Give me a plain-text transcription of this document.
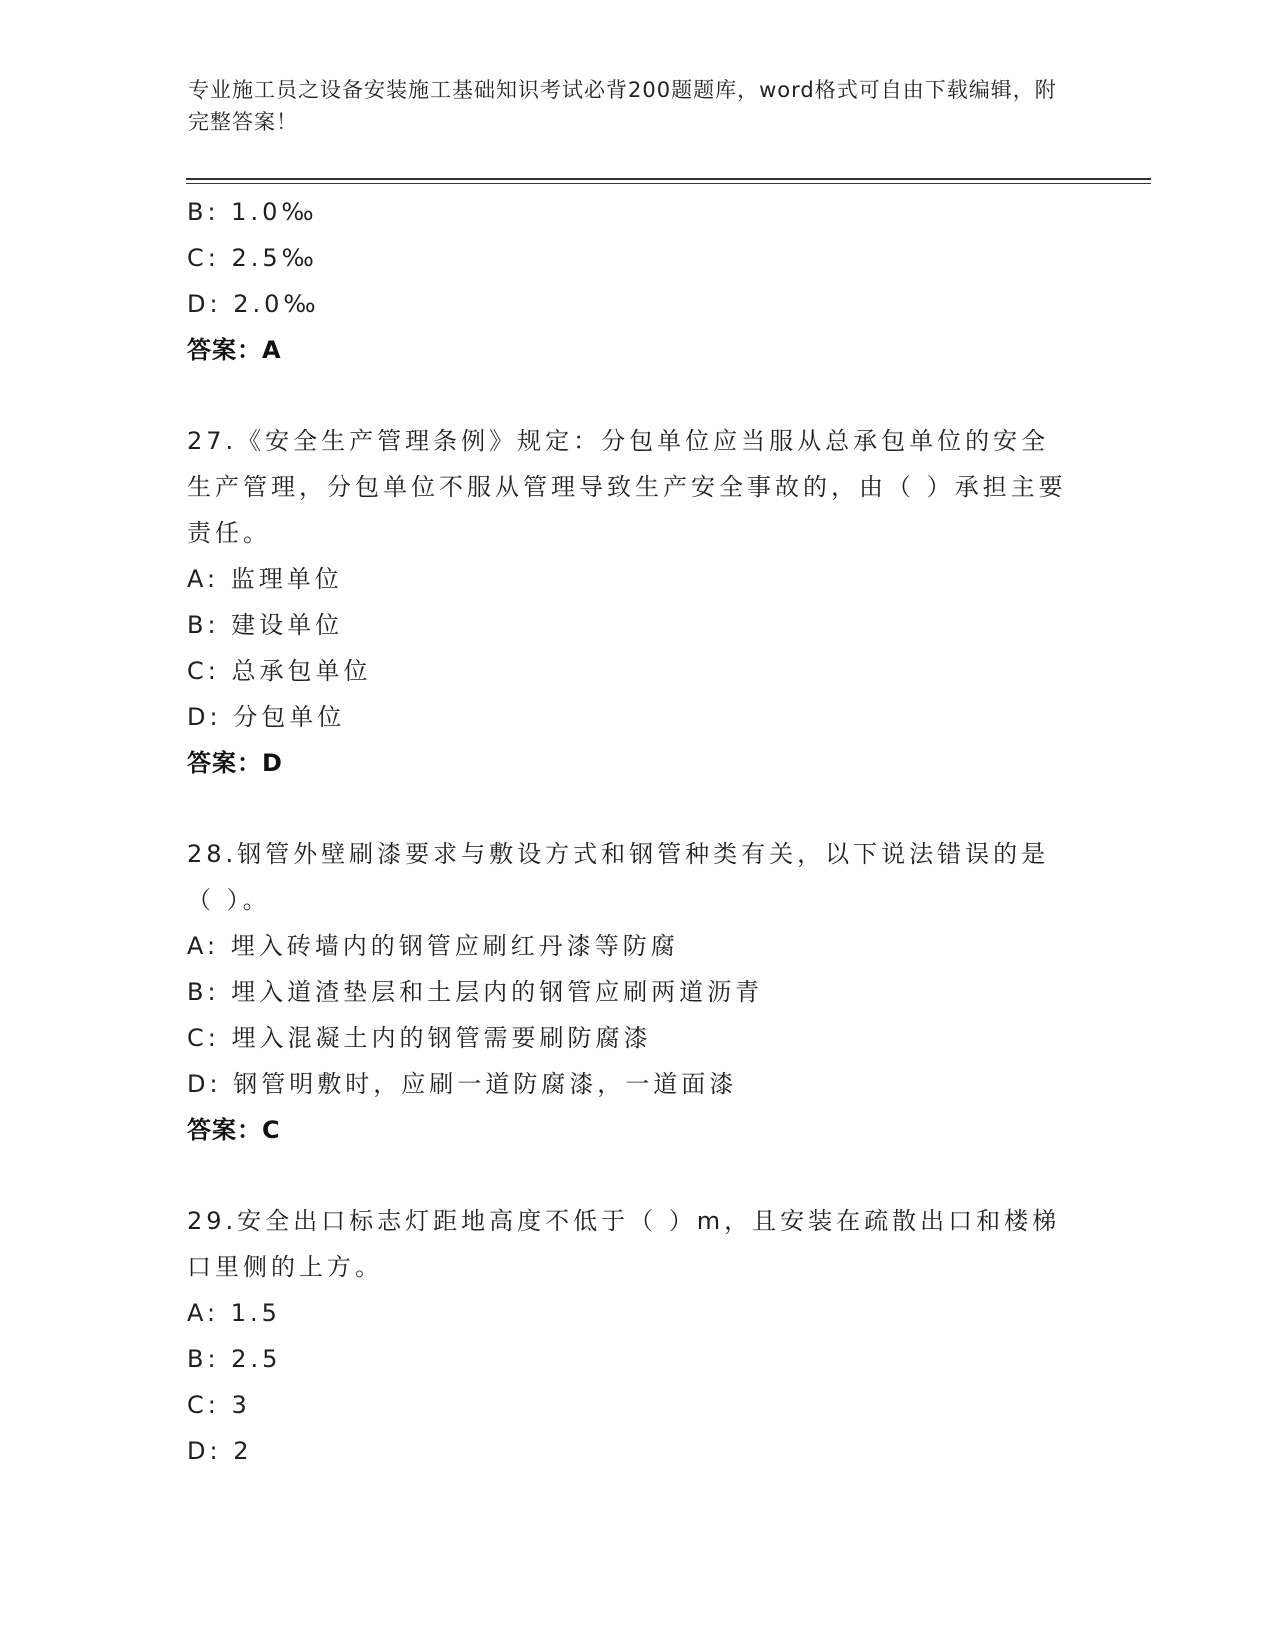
专业施工员之设备安装施工基础知识考试必背200题题库，word格式可自由下载编辑，附完整答案！
B: 1.0‰
C: 2.5‰
D: 2.0‰
答案：A
27.《安全生产管理条例》规定：分包单位应当服从总承包单位的安全生产管理，分包单位不服从管理导致生产安全事故的，由（ ）承担主要责任。
A: 监理单位
B: 建设单位
C: 总承包单位
D: 分包单位
答案：D
28.钢管外壁刷漆要求与敷设方式和钢管种类有关，以下说法错误的是（ ）。
A: 埋入砖墙内的钢管应刷红丹漆等防腐
B: 埋入道渣垫层和土层内的钢管应刷两道沥青
C: 埋入混凝土内的钢管需要刷防腐漆
D: 钢管明敷时，应刷一道防腐漆，一道面漆
答案：C
29.安全出口标志灯距地高度不低于（ ）m，且安装在疏散出口和楼梯口里侧的上方。
A: 1.5
B: 2.5
C: 3
D: 2
